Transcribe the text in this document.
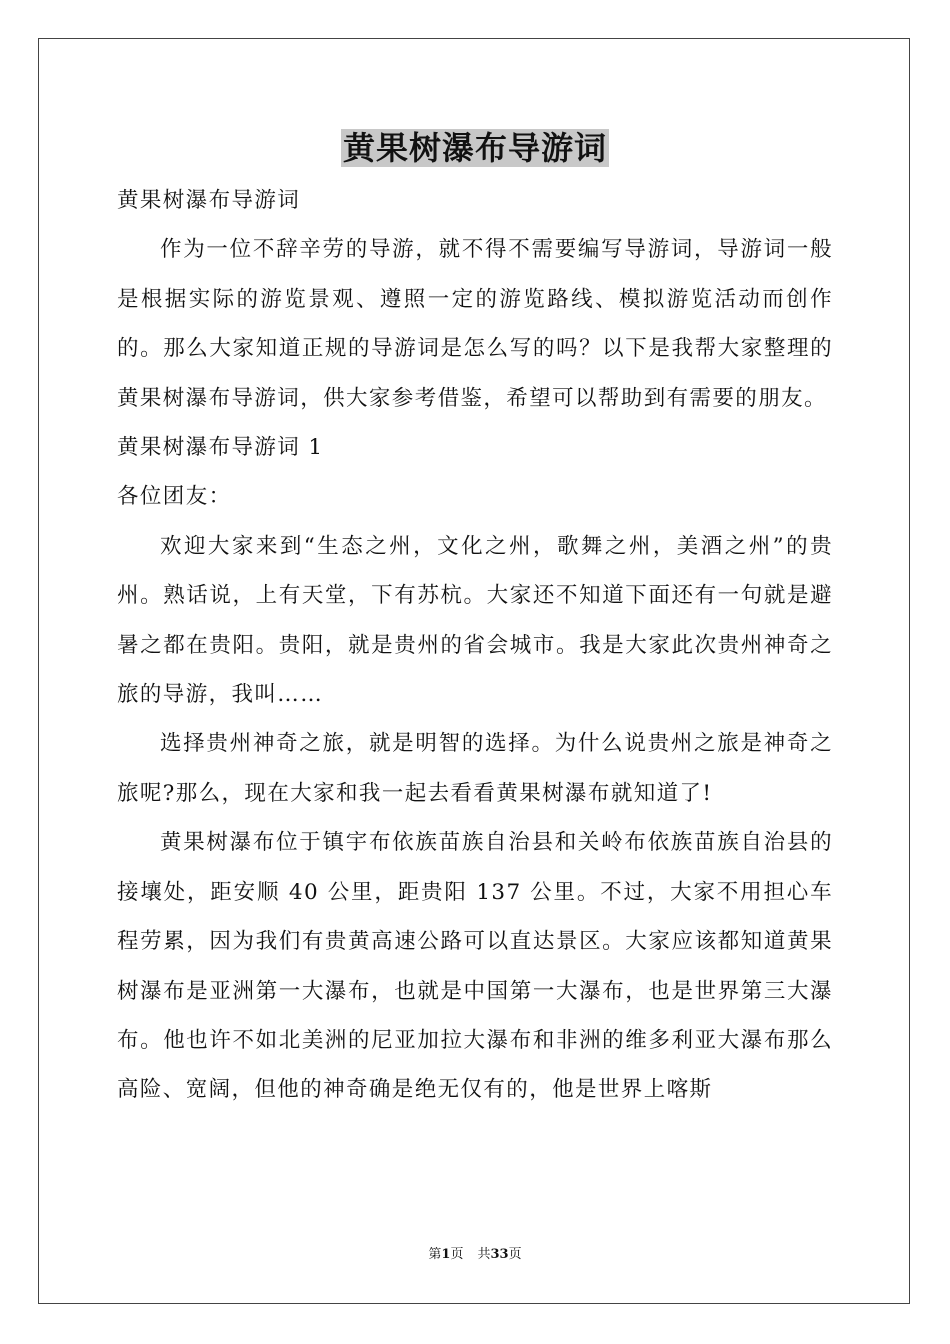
黄果树瀑布导游词

黄果树瀑布导游词

作为一位不辞辛劳的导游，就不得不需要编写导游词，导游词一般是根据实际的游览景观、遵照一定的游览路线、模拟游览活动而创作的。那么大家知道正规的导游词是怎么写的吗？以下是我帮大家整理的黄果树瀑布导游词，供大家参考借鉴，希望可以帮助到有需要的朋友。

黄果树瀑布导游词 1

各位团友：

欢迎大家来到“生态之州，文化之州，歌舞之州，美酒之州”的贵州。熟话说，上有天堂，下有苏杭。大家还不知道下面还有一句就是避暑之都在贵阳。贵阳，就是贵州的省会城市。我是大家此次贵州神奇之旅的导游，我叫……

选择贵州神奇之旅，就是明智的选择。为什么说贵州之旅是神奇之旅呢?那么，现在大家和我一起去看看黄果树瀑布就知道了!

黄果树瀑布位于镇宇布依族苗族自治县和关岭布依族苗族自治县的接壤处，距安顺 40 公里，距贵阳 137 公里。不过，大家不用担心车程劳累，因为我们有贵黄高速公路可以直达景区。大家应该都知道黄果树瀑布是亚洲第一大瀑布，也就是中国第一大瀑布，也是世界第三大瀑布。他也许不如北美洲的尼亚加拉大瀑布和非洲的维多利亚大瀑布那么高险、宽阔，但他的神奇确是绝无仅有的，他是世界上喀斯

第1页 共33页
